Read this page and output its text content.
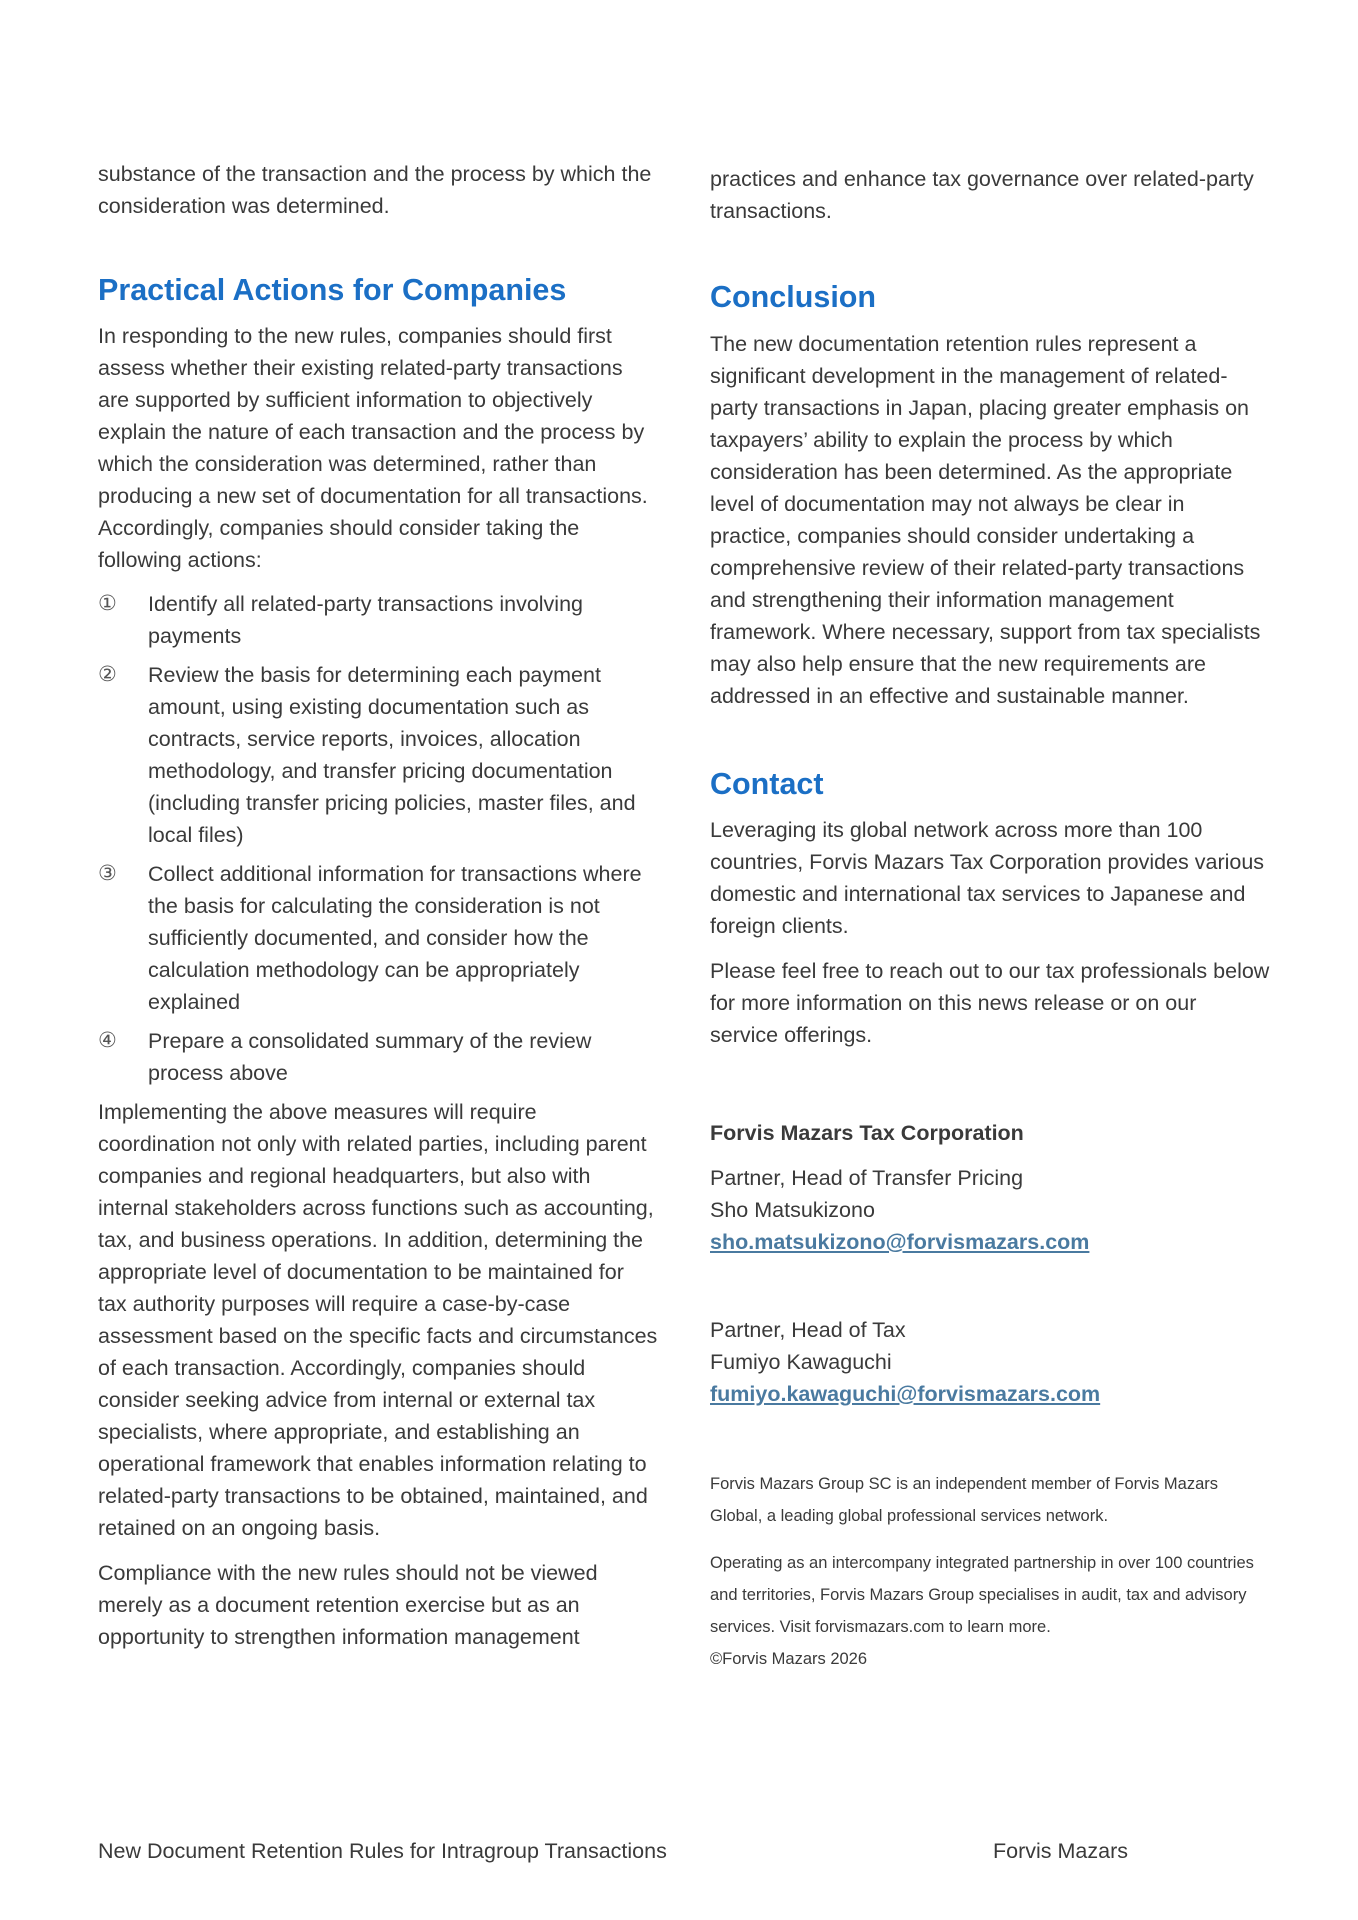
substance of the transaction and the process by which the consideration was determined.

Practical Actions for Companies

In responding to the new rules, companies should first assess whether their existing related-party transactions are supported by sufficient information to objectively explain the nature of each transaction and the process by which the consideration was determined, rather than producing a new set of documentation for all transactions. Accordingly, companies should consider taking the following actions:

①	Identify all related-party transactions involving payments
②	Review the basis for determining each payment amount, using existing documentation such as contracts, service reports, invoices, allocation methodology, and transfer pricing documentation (including transfer pricing policies, master files, and local files)
③	Collect additional information for transactions where the basis for calculating the consideration is not sufficiently documented, and consider how the calculation methodology can be appropriately explained
④	Prepare a consolidated summary of the review process above

Implementing the above measures will require coordination not only with related parties, including parent companies and regional headquarters, but also with internal stakeholders across functions such as accounting, tax, and business operations. In addition, determining the appropriate level of documentation to be maintained for tax authority purposes will require a case-by-case assessment based on the specific facts and circumstances of each transaction. Accordingly, companies should consider seeking advice from internal or external tax specialists, where appropriate, and establishing an operational framework that enables information relating to related-party transactions to be obtained, maintained, and retained on an ongoing basis.

Compliance with the new rules should not be viewed merely as a document retention exercise but as an opportunity to strengthen information management

practices and enhance tax governance over related-party transactions.

Conclusion

The new documentation retention rules represent a significant development in the management of related-party transactions in Japan, placing greater emphasis on taxpayers’ ability to explain the process by which consideration has been determined. As the appropriate level of documentation may not always be clear in practice, companies should consider undertaking a comprehensive review of their related-party transactions and strengthening their information management framework. Where necessary, support from tax specialists may also help ensure that the new requirements are addressed in an effective and sustainable manner.

Contact

Leveraging its global network across more than 100 countries, Forvis Mazars Tax Corporation provides various domestic and international tax services to Japanese and foreign clients.

Please feel free to reach out to our tax professionals below for more information on this news release or on our service offerings.

Forvis Mazars Tax Corporation

Partner, Head of Transfer Pricing

Sho Matsukizono

sho.matsukizono@forvismazars.com

Partner, Head of Tax

Fumiyo Kawaguchi

fumiyo.kawaguchi@forvismazars.com

Forvis Mazars Group SC is an independent member of Forvis Mazars Global, a leading global professional services network.

Operating as an intercompany integrated partnership in over 100 countries and territories, Forvis Mazars Group specialises in audit, tax and advisory services. Visit forvismazars.com to learn more.

©Forvis Mazars 2026

New Document Retention Rules for Intragroup Transactions	Forvis Mazars
